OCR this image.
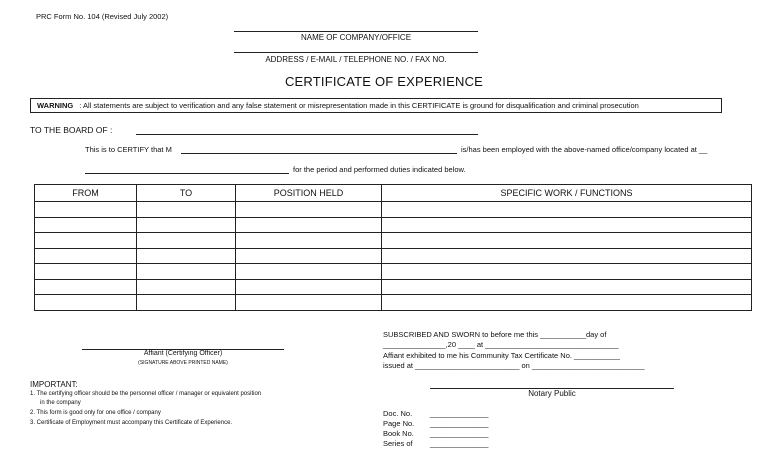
PRC Form No. 104 (Revised July 2002)
NAME OF COMPANY/OFFICE
ADDRESS / E-MAIL / TELEPHONE NO. / FAX NO.
CERTIFICATE OF EXPERIENCE
WARNING : All statements are subject to verification and any false statement or misrepresentation made in this CERTIFICATE is ground for disqualification and criminal prosecution
TO THE BOARD OF :
This is to CERTIFY that M	is/has been employed with the above-named office/company located at __
for the period and performed duties indicated below.
FROM	TO	POSITION HELD	SPECIFIC WORK / FUNCTIONS

Affiant (Certifying Officer)
(SIGNATURE ABOVE PRINTED NAME)
SUBSCRIBED AND SWORN to before me this ___________day of
_______________,20 ____ at ________________________________
Affiant exhibited to me his Community Tax Certificate No. ___________
issued at _________________________ on ___________________________
IMPORTANT:
1. The certifying officer should be the personnel officer / manager or equivalent position
in the company
2. This form is good only for one office / company
3. Certificate of Employment must accompany this Certificate of Experience.
Notary Public
Doc. No. ______________
Page No. ______________
Book No. ______________
Series of ______________
